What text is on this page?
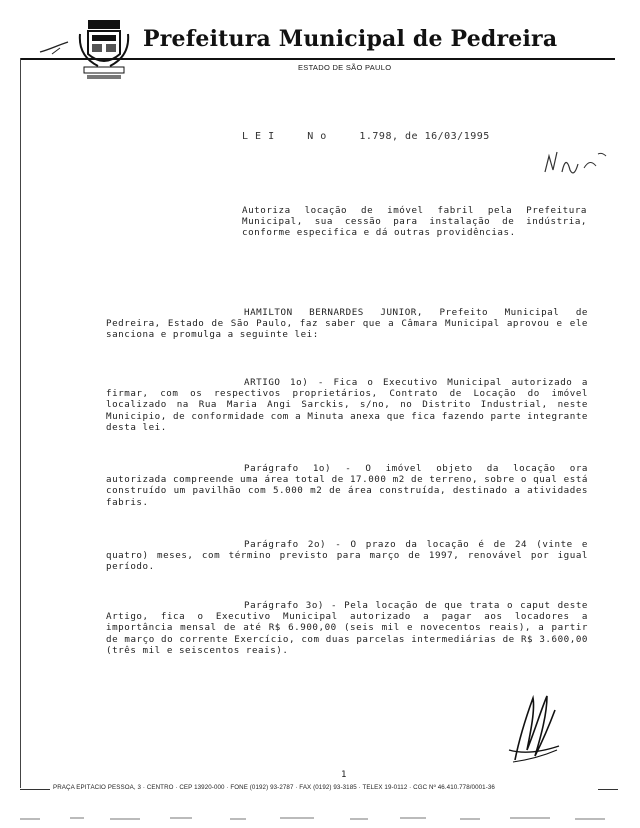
Prefeitura Municipal de Pedreira
ESTADO DE SÃO PAULO
L E I     N o     1.798, de 16/03/1995

Autoriza locação de imóvel fabril pela Prefeitura Municipal, sua cessão para instalação de indústria, conforme especifica e dá outras providências.

HAMILTON BERNARDES JUNIOR, Prefeito Municipal de Pedreira, Estado de São Paulo, faz saber que a Câmara Municipal aprovou e ele sanciona e promulga a seguinte lei:

ARTIGO 1o) - Fica o Executivo Municipal autorizado a firmar, com os respectivos proprietários, Contrato de Locação do imóvel localizado na Rua Maria Angi Sarckis, s/no, no Distrito Industrial, neste Municipio, de conformidade com a Minuta anexa que fica fazendo parte integrante desta lei.

Parágrafo 1o) - O imóvel objeto da locação ora autorizada compreende uma área total de 17.000 m2 de terreno, sobre o qual está construído um pavilhão com 5.000 m2 de área construída, destinado a atividades fabris.

Parágrafo 2o) - O prazo da locação é de 24 (vinte e quatro) meses, com término previsto para março de 1997, renovável por igual período.

Parágrafo 3o) - Pela locação de que trata o caput deste Artigo, fica o Executivo Municipal autorizado a pagar aos locadores a importância mensal de até R$ 6.900,00 (seis mil e novecentos reais), a partir de março do corrente Exercício, com duas parcelas intermediárias de R$ 3.600,00 (três mil e seiscentos reais).

1
PRAÇA EPITÁCIO PESSOA, 3 · CENTRO · CEP 13920-000 · FONE (0192) 93-2787 · FAX (0192) 93-3185 · TELEX 19-0112 · CGC Nº 46.410.778/0001-36
